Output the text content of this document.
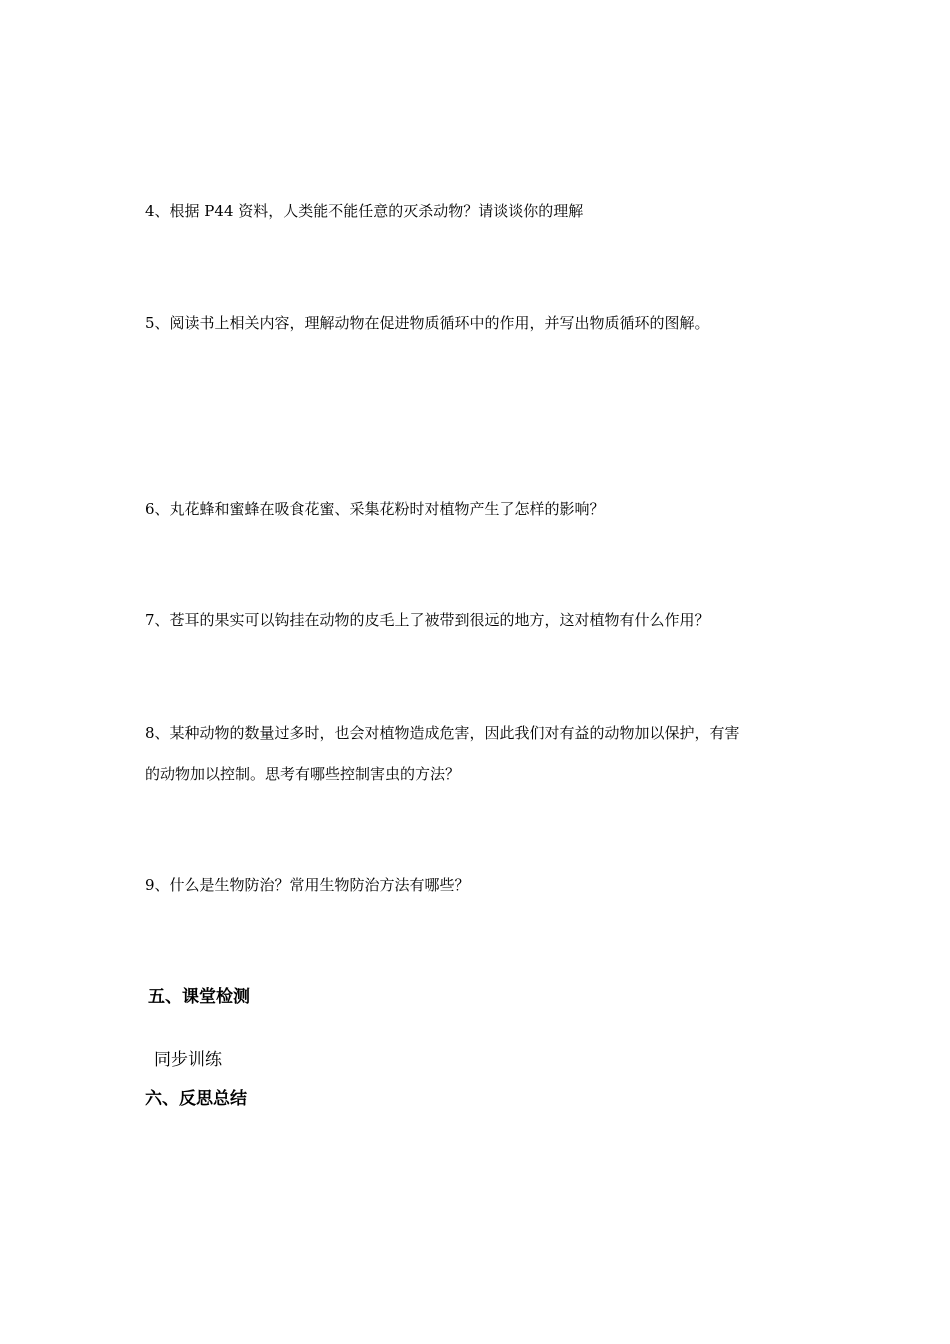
4、根据 P44 资料，人类能不能任意的灭杀动物？请谈谈你的理解

5、阅读书上相关内容，理解动物在促进物质循环中的作用，并写出物质循环的图解。

6、丸花蜂和蜜蜂在吸食花蜜、采集花粉时对植物产生了怎样的影响？

7、苍耳的果实可以钩挂在动物的皮毛上了被带到很远的地方，这对植物有什么作用？

8、某种动物的数量过多时，也会对植物造成危害，因此我们对有益的动物加以保护，有害

的动物加以控制。思考有哪些控制害虫的方法？

9、什么是生物防治？常用生物防治方法有哪些？

五、课堂检测

同步训练

六、反思总结
